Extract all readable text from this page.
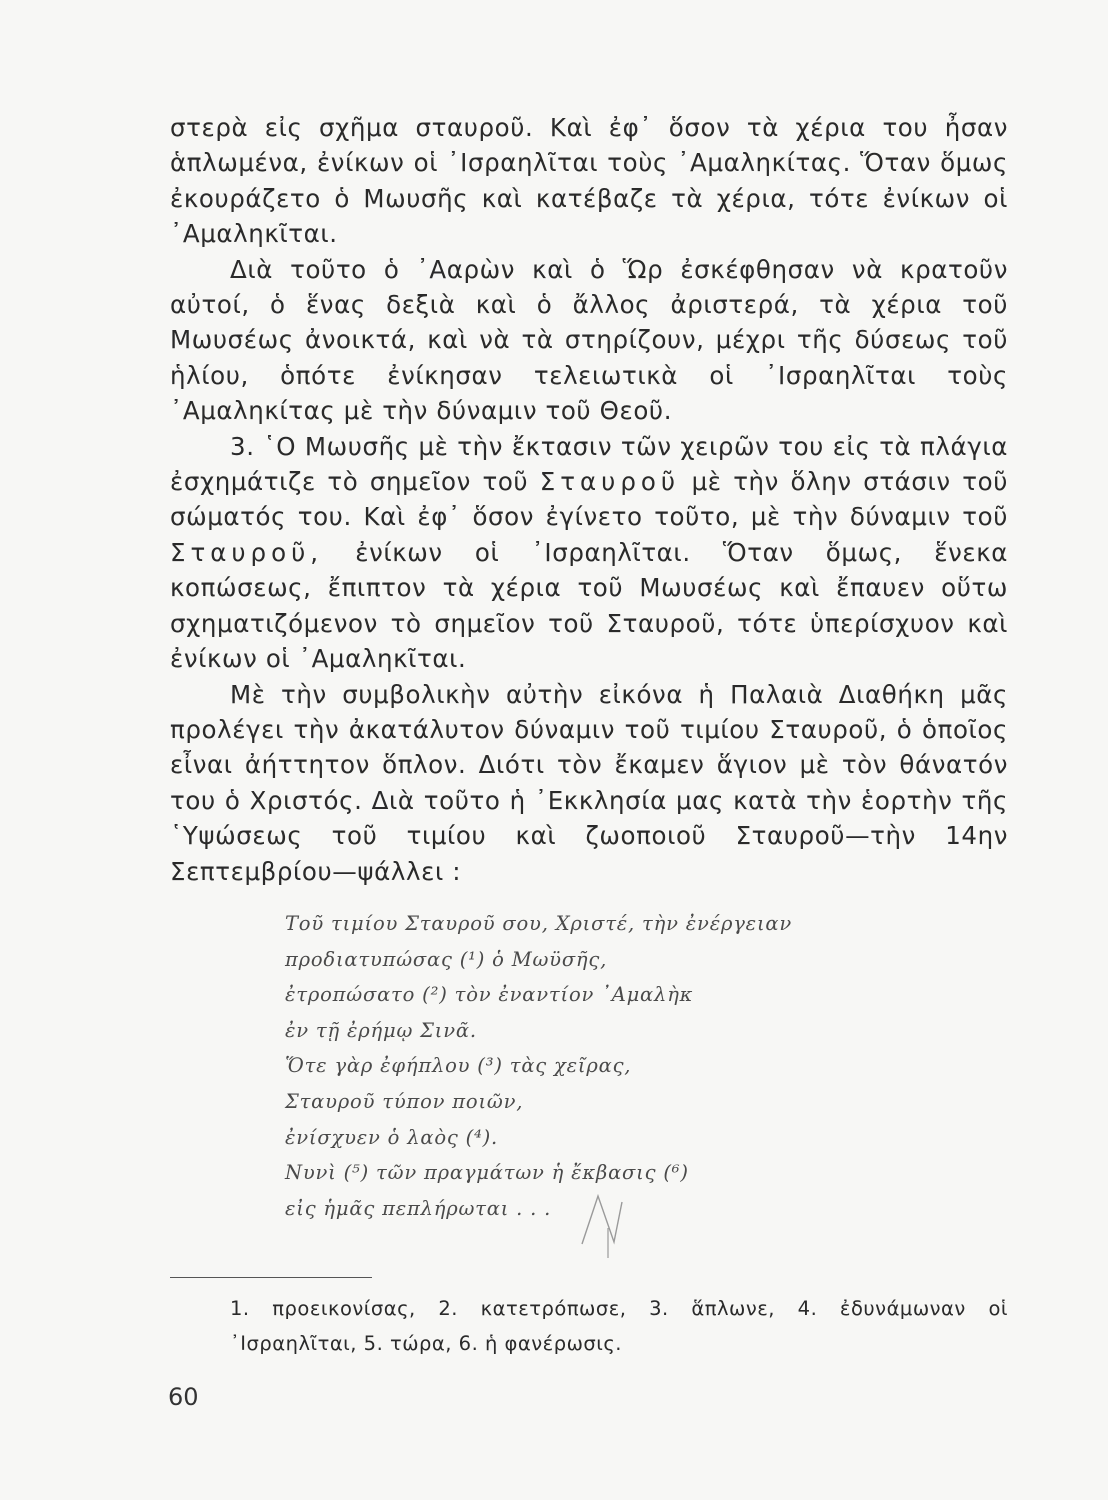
στερὰ εἰς σχῆμα σταυροῦ. Καὶ ἐφ᾽ ὅσον τὰ χέρια του ἦσαν ἁπλωμένα, ἐνίκων οἱ ᾽Ισραηλῖται τοὺς ᾽Αμαληκίτας. Ὅταν ὅμως ἐκουράζετο ὁ Μωυσῆς καὶ κατέβαζε τὰ χέρια, τότε ἐνίκων οἱ ᾽Αμαληκῖται.

Διὰ τοῦτο ὁ ᾽Ααρὼν καὶ ὁ Ὥρ ἐσκέφθησαν νὰ κρατοῦν αὐτοί, ὁ ἕνας δεξιὰ καὶ ὁ ἄλλος ἀριστερά, τὰ χέρια τοῦ Μωυσέως ἀνοικτά, καὶ νὰ τὰ στηρίζουν, μέχρι τῆς δύσεως τοῦ ἡλίου, ὁπότε ἐνίκησαν τελειωτικὰ οἱ ᾽Ισραηλῖται τοὺς ᾽Αμαληκίτας μὲ τὴν δύναμιν τοῦ Θεοῦ.

3. ῾Ο Μωυσῆς μὲ τὴν ἔκτασιν τῶν χειρῶν του εἰς τὰ πλάγια ἐσχημάτιζε τὸ σημεῖον τοῦ Σταυροῦ μὲ τὴν ὅλην στάσιν τοῦ σώματός του. Καὶ ἐφ᾽ ὅσον ἐγίνετο τοῦτο, μὲ τὴν δύναμιν τοῦ Σταυροῦ, ἐνίκων οἱ ᾽Ισραηλῖται. Ὅταν ὅμως, ἕνεκα κοπώσεως, ἔπιπτον τὰ χέρια τοῦ Μωυσέως καὶ ἔπαυεν οὕτω σχηματιζόμενον τὸ σημεῖον τοῦ Σταυροῦ, τότε ὑπερίσχυον καὶ ἐνίκων οἱ ᾽Αμαληκῖται.

Μὲ τὴν συμβολικὴν αὐτὴν εἰκόνα ἡ Παλαιὰ Διαθήκη μᾶς προλέγει τὴν ἀκατάλυτον δύναμιν τοῦ τιμίου Σταυροῦ, ὁ ὁποῖος εἶναι ἀήττητον ὅπλον. Διότι τὸν ἔκαμεν ἅγιον μὲ τὸν θάνατόν του ὁ Χριστός. Διὰ τοῦτο ἡ ᾽Εκκλησία μας κατὰ τὴν ἑορτὴν τῆς ῾Υψώσεως τοῦ τιμίου καὶ ζωοποιοῦ Σταυροῦ—τὴν 14ην Σεπτεμβρίου—ψάλλει :

Τοῦ τιμίου Σταυροῦ σου, Χριστέ, τὴν ἐνέργειαν
προδιατυπώσας (¹) ὁ Μωϋσῆς,
ἐτροπώσατο (²) τὸν ἐναντίον ᾽Αμαλὴκ
ἐν τῇ ἐρήμῳ Σινᾶ.
Ὅτε γὰρ ἐφήπλου (³) τὰς χεῖρας,
Σταυροῦ τύπον ποιῶν,
ἐνίσχυεν ὁ λαὸς (⁴).
Νυνὶ (⁵) τῶν πραγμάτων ἡ ἔκβασις (⁶)
εἰς ἡμᾶς πεπλήρωται . . .
1. προεικονίσας, 2. κατετρόπωσε, 3. ἅπλωνε, 4. ἐδυνάμωναν οἱ ᾽Ισραηλῖται, 5. τώρα, 6. ἡ φανέρωσις.
60
